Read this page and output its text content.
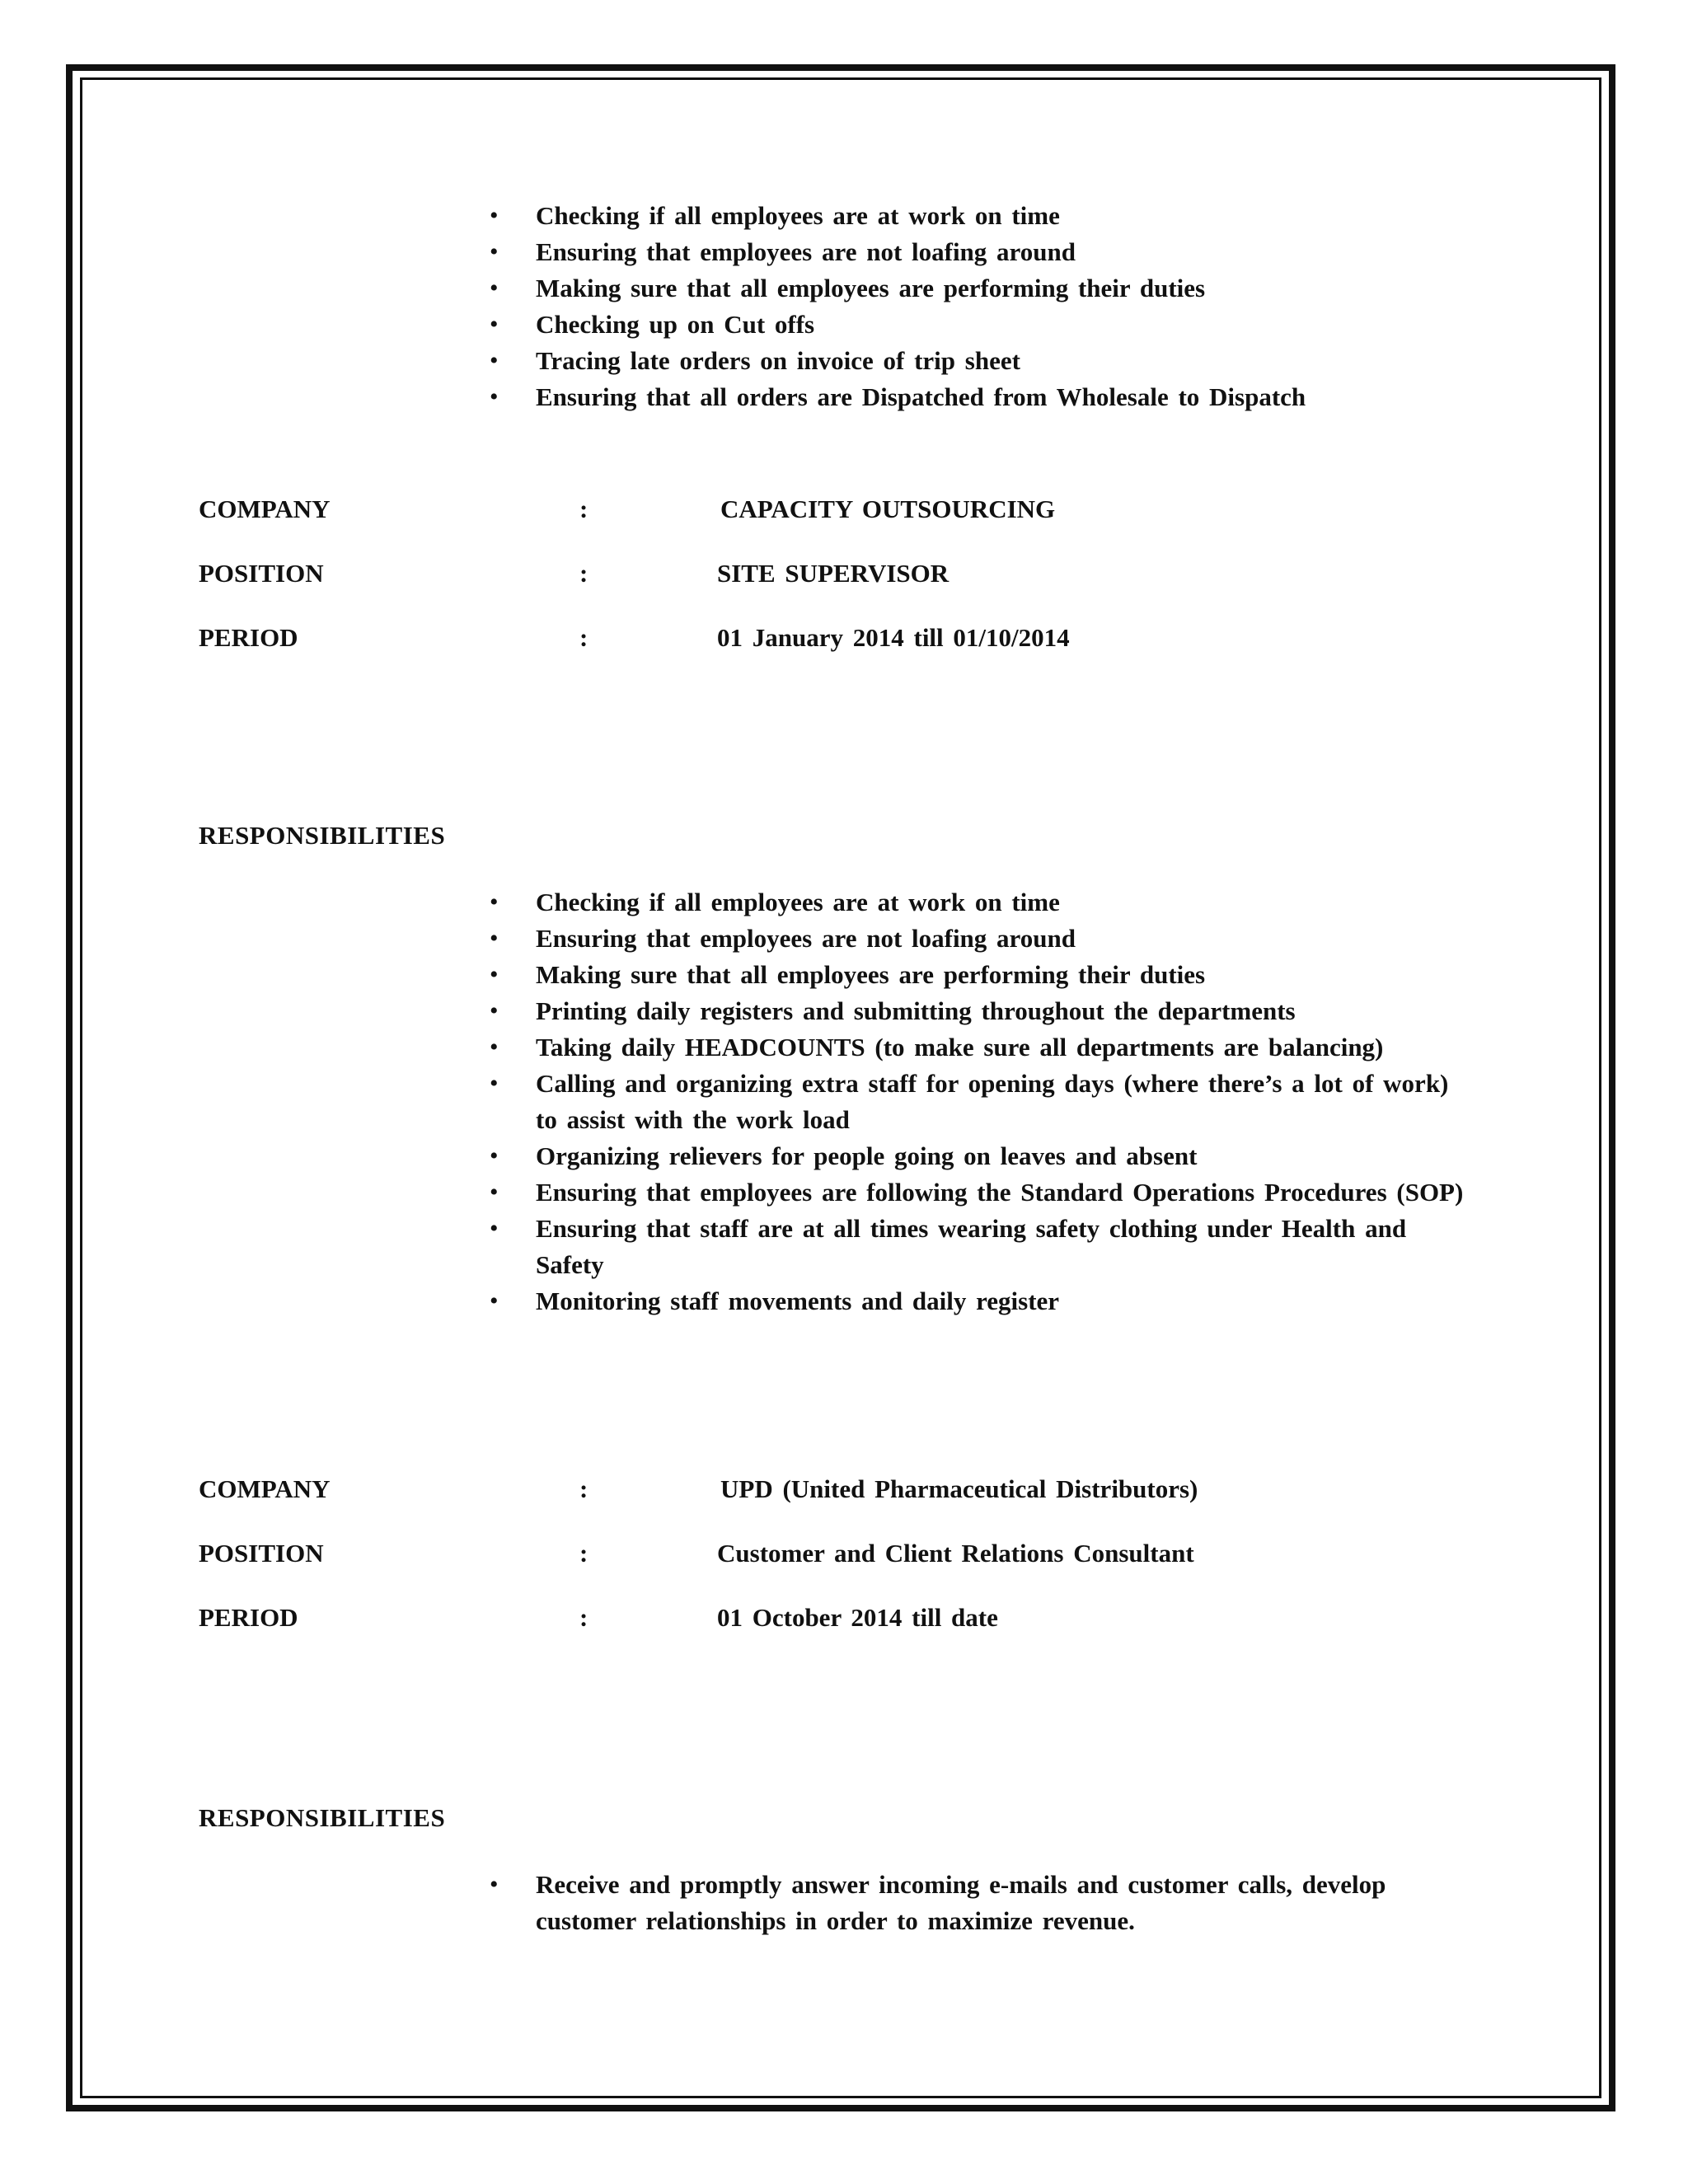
• Checking if all employees are at work on time
• Ensuring that employees are not loafing around
• Making sure that all employees are performing their duties
• Checking up on Cut offs
• Tracing late orders on invoice of trip sheet
• Ensuring that all orders are Dispatched from Wholesale to Dispatch
COMPANY	:	CAPACITY OUTSOURCING
POSITION	:	SITE SUPERVISOR
PERIOD	:	01 January 2014 till 01/10/2014
RESPONSIBILITIES
• Checking if all employees are at work on time
• Ensuring that employees are not loafing around
• Making sure that all employees are performing their duties
• Printing daily registers and submitting throughout the departments
• Taking daily HEADCOUNTS (to make sure all departments are balancing)
• Calling and organizing extra staff for opening days (where there’s a lot of work) to assist with the work load
• Organizing relievers for people going on leaves and absent
• Ensuring that employees are following the Standard Operations Procedures (SOP)
• Ensuring that staff are at all times wearing safety clothing under Health and Safety
• Monitoring staff movements and daily register
COMPANY	:	UPD (United Pharmaceutical Distributors)
POSITION	:	Customer and Client Relations Consultant
PERIOD	:	01 October 2014 till date
RESPONSIBILITIES
• Receive and promptly answer incoming e-mails and customer calls, develop customer relationships in order to maximize revenue.
